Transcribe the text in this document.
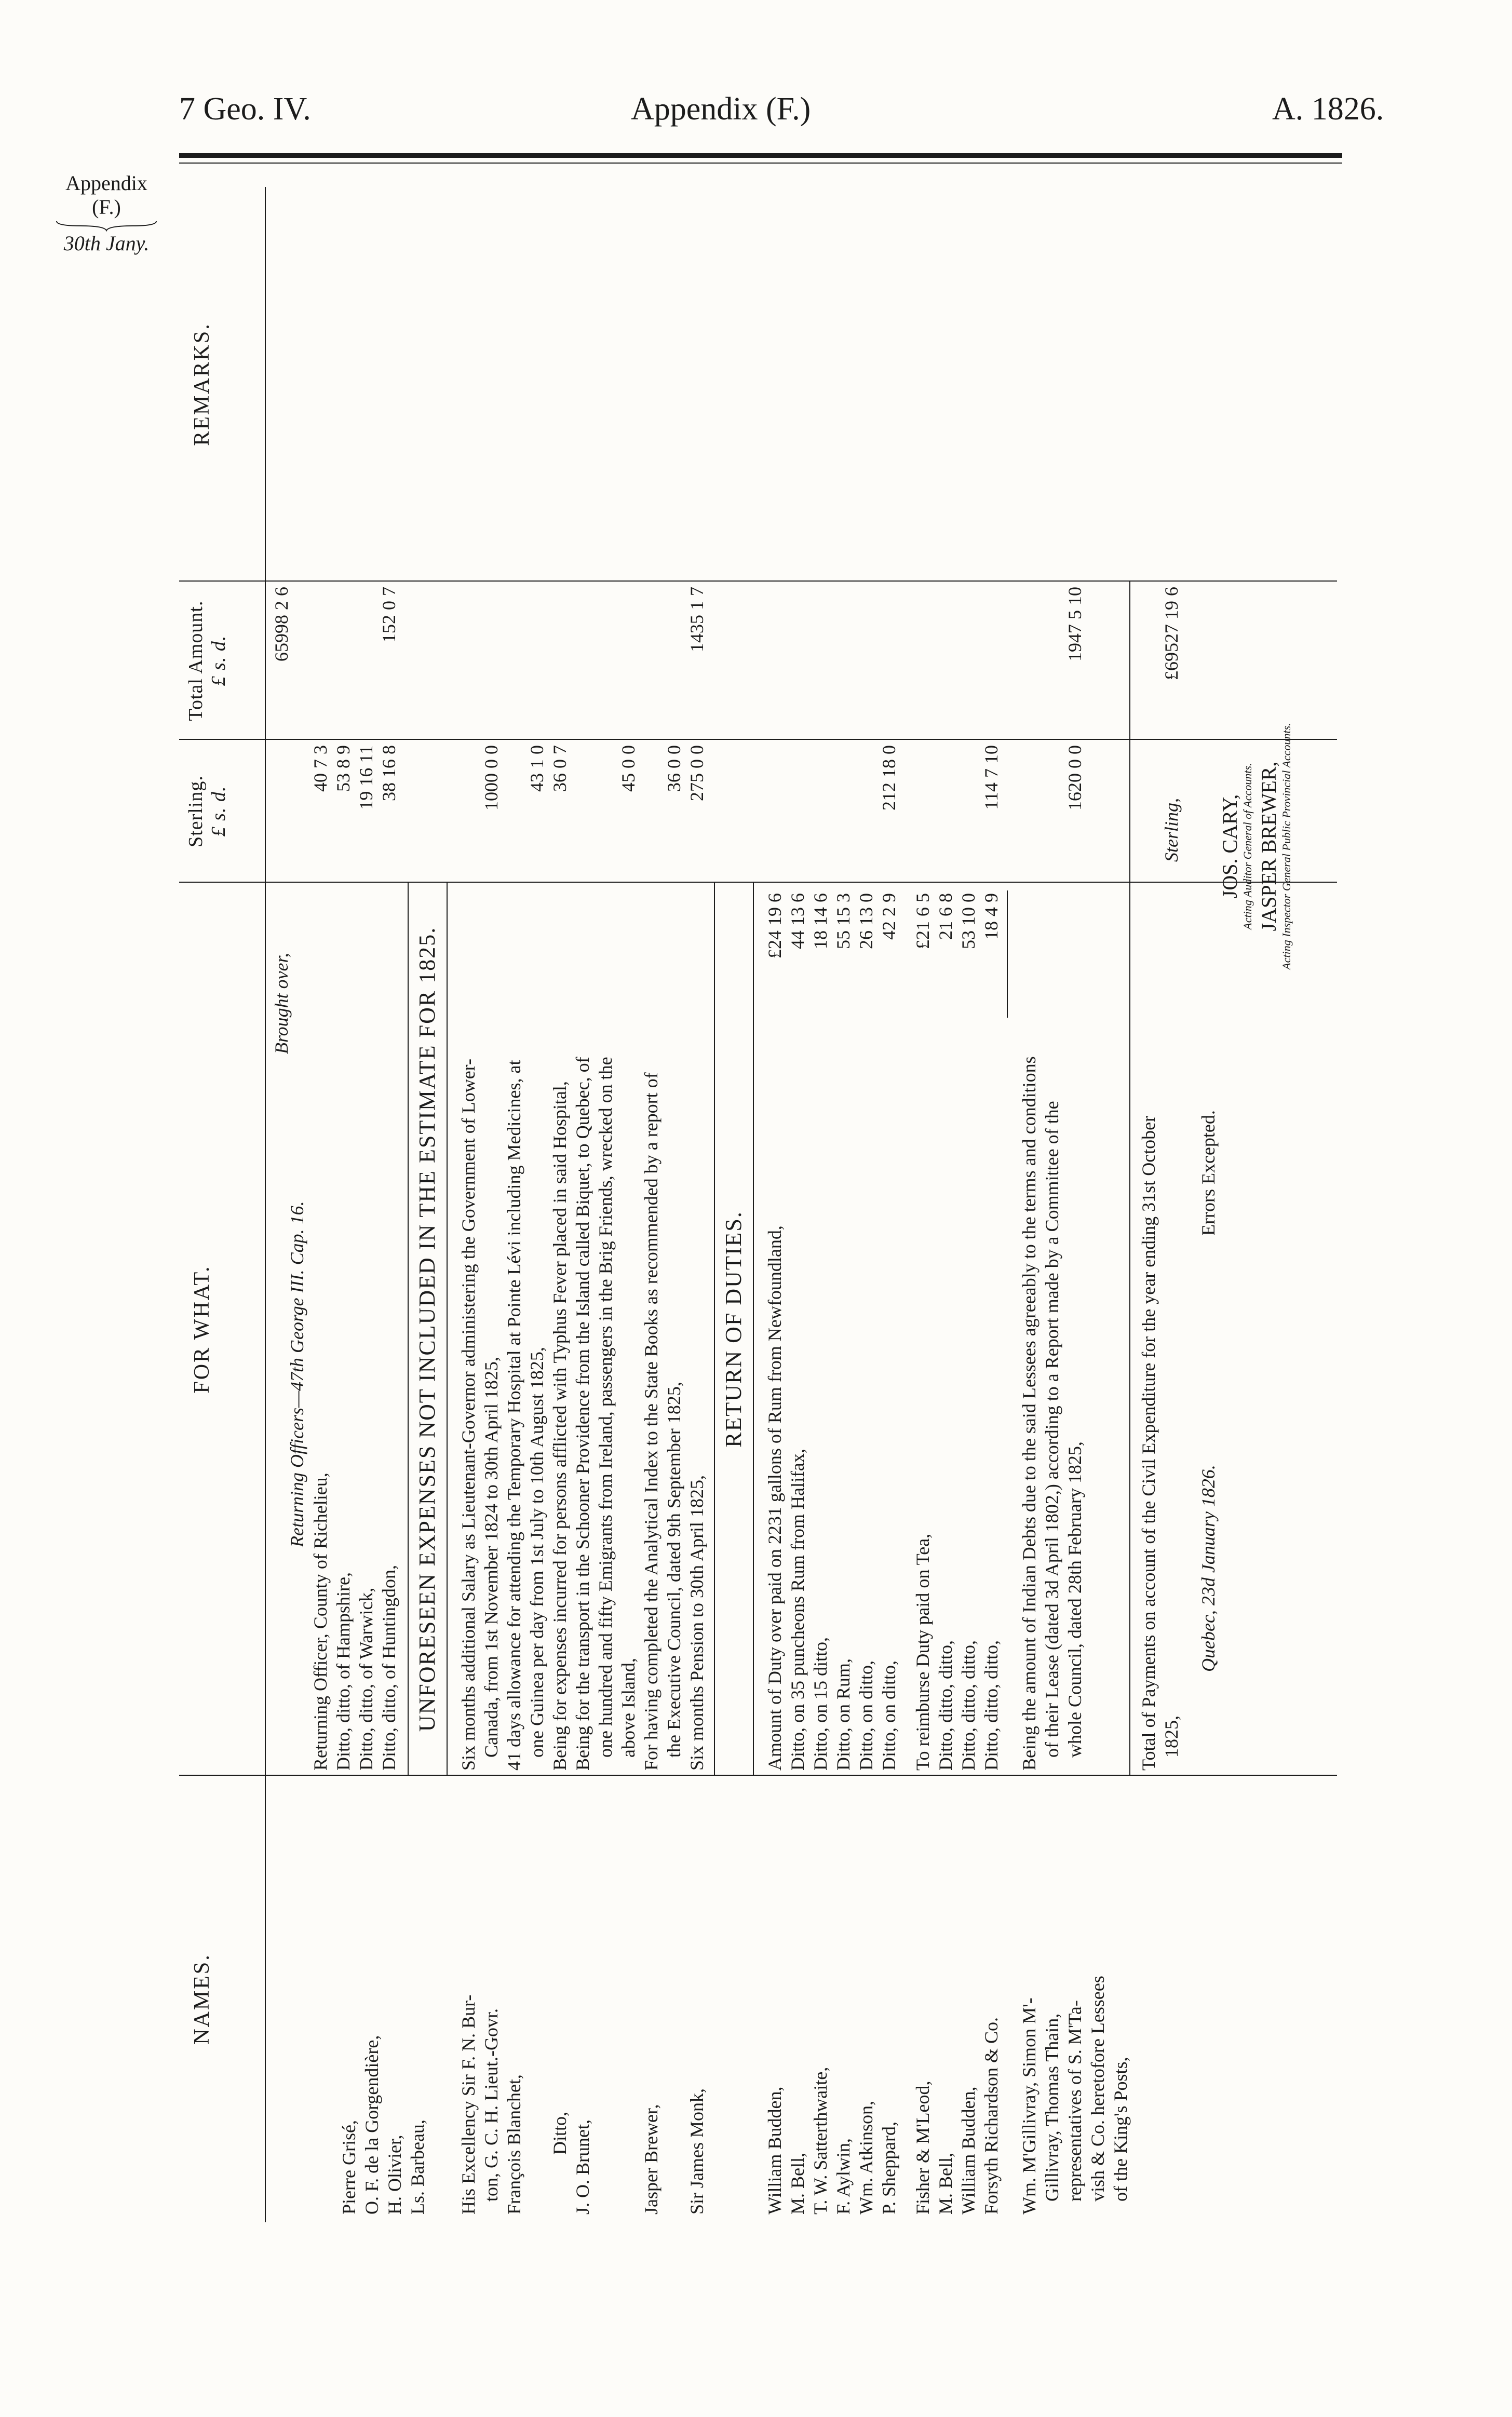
7 Geo. IV.	Appendix (F.)	A. 1826.
Appendix
(F.)
30th Jany.
NAMES.
FOR WHAT.
Sterling. £ s. d.
Total Amount. £ s. d.
REMARKS.
Brought over,
65998 2 6
Returning Officers—47th George III. Cap. 16.
Pierre Grisé,
Returning Officer, County of Richelieu,
40 7 3
O. F. de la Gorgendière,
Ditto, ditto, of Hampshire,
53 8 9
H. Olivier,
Ditto, ditto, of Warwick,
19 16 11
Ls. Barbeau,
Ditto, ditto, of Huntingdon,
38 16 8
152 0 7
UNFORESEEN EXPENSES NOT INCLUDED IN THE ESTIMATE FOR 1825.
His Excellency Sir F. N. Bur- ton, G. C. H. Lieut.-Govr.
Six months additional Salary as Lieutenant-Governor administering the Government of Lower- Canada, from 1st November 1824 to 30th April 1825,
1000 0 0
François Blanchet,
41 days allowance for attending the Temporary Hospital at Pointe Lévi including Medicines, at one Guinea per day from 1st July to 10th August 1825,
43 1 0
Ditto,
Being for expenses incurred for persons afflicted with Typhus Fever placed in said Hospital,
36 0 7
J. O. Brunet,
Being for the transport in the Schooner Providence from the Island called Biquet, to Quebec, of one hundred and fifty Emigrants from Ireland, passengers in the Brig Friends, wrecked on the above Island,
45 0 0
Jasper Brewer,
For having completed the Analytical Index to the State Books as recommended by a report of the Executive Council, dated 9th September 1825,
36 0 0
Sir James Monk,
Six months Pension to 30th April 1825,
275 0 0
1435 1 7
RETURN OF DUTIES.
William Budden,
Amount of Duty over paid on 2231 gallons of Rum from Newfoundland,
£24 19 6
M. Bell,
Ditto, on 35 puncheons Rum from Halifax,
44 13 6
T. W. Satterthwaite,
Ditto, on 15 ditto,
18 14 6
F. Aylwin,
Ditto, on Rum,
55 15 3
Wm. Atkinson,
Ditto, on ditto,
26 13 0
P. Sheppard,
Ditto, on ditto,
42 2 9
212 18 0
Fisher & M'Leod,
To reimburse Duty paid on Tea,
£21 6 5
M. Bell,
Ditto, ditto, ditto,
21 6 8
William Budden,
Ditto, ditto, ditto,
53 10 0
Forsyth Richardson & Co.
Ditto, ditto, ditto,
18 4 9
114 7 10
Wm. M'Gillivray, Simon M'- Gillivray, Thomas Thain, representatives of S. M'Ta- vish & Co. heretofore Lessees of the King's Posts,
Being the amount of Indian Debts due to the said Lessees agreeably to the terms and conditions of their Lease (dated 3d April 1802,) according to a Report made by a Committee of the whole Council, dated 28th February 1825,
1620 0 0
1947 5 10
Total of Payments on account of the Civil Expenditure for the year ending 31st October 1825,
Sterling,
£69527 19 6
Quebec, 23d January 1826.
Errors Excepted.
JOS. CARY, Acting Auditor General of Accounts. JASPER BREWER, Acting Inspector General Public Provincial Accounts.
